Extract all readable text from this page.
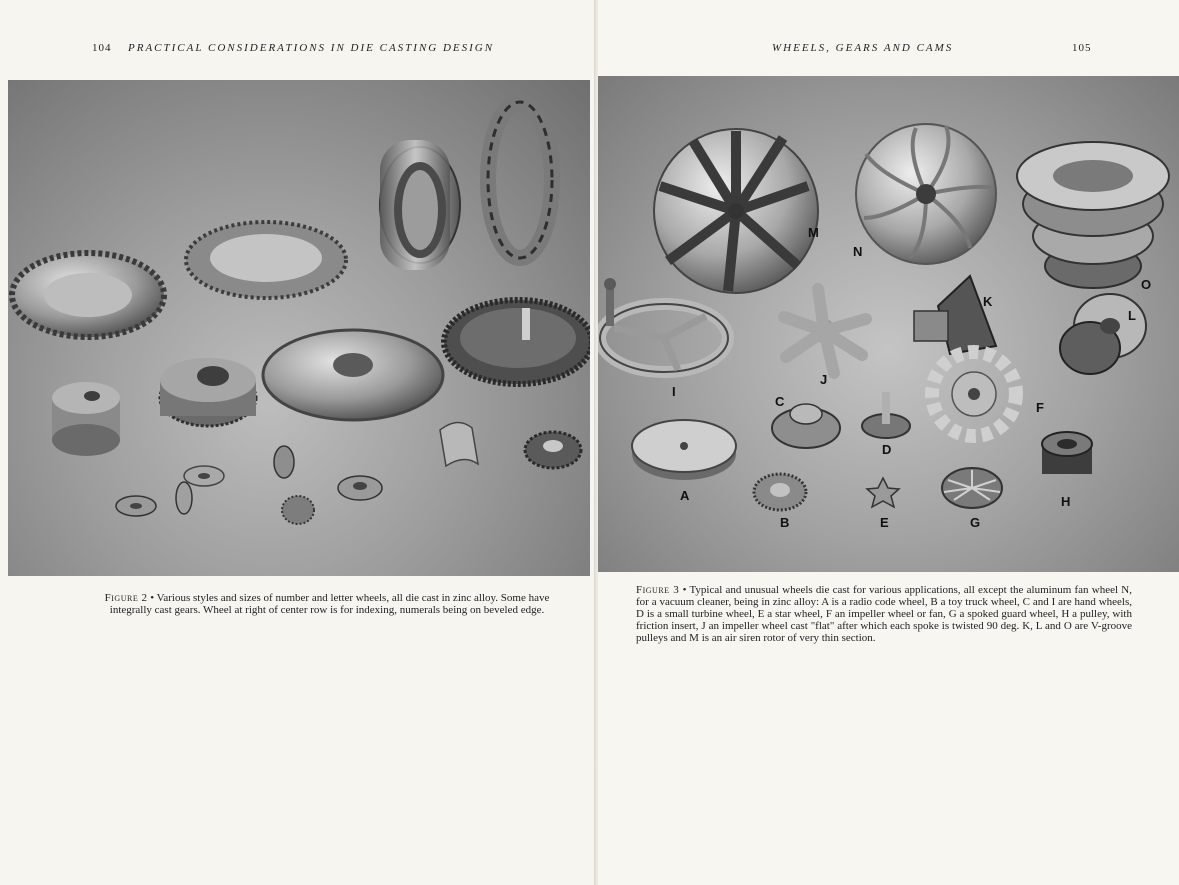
104 PRACTICAL CONSIDERATIONS IN DIE CASTING DESIGN
Figure 2 • Various styles and sizes of number and letter wheels, all die cast in zinc alloy. Some have integrally cast gears. Wheel at right of center row is for indexing, numerals being on beveled edge.
WHEELS, GEARS AND CAMS	105
M
N
O
K
L
J
I
C	F
D
A	H
B	E	G
Figure 3 • Typical and unusual wheels die cast for various applications, all except the aluminum fan wheel N, for a vacuum cleaner, being in zinc alloy: A is a radio code wheel, B a toy truck wheel, C and I are hand wheels, D is a small turbine wheel, E a star wheel, F an impeller wheel or fan, G a spoked guard wheel, H a pulley, with friction insert, J an impeller wheel cast "flat" after which each spoke is twisted 90 deg. K, L and O are V-groove pulleys and M is an air siren rotor of very thin section.
